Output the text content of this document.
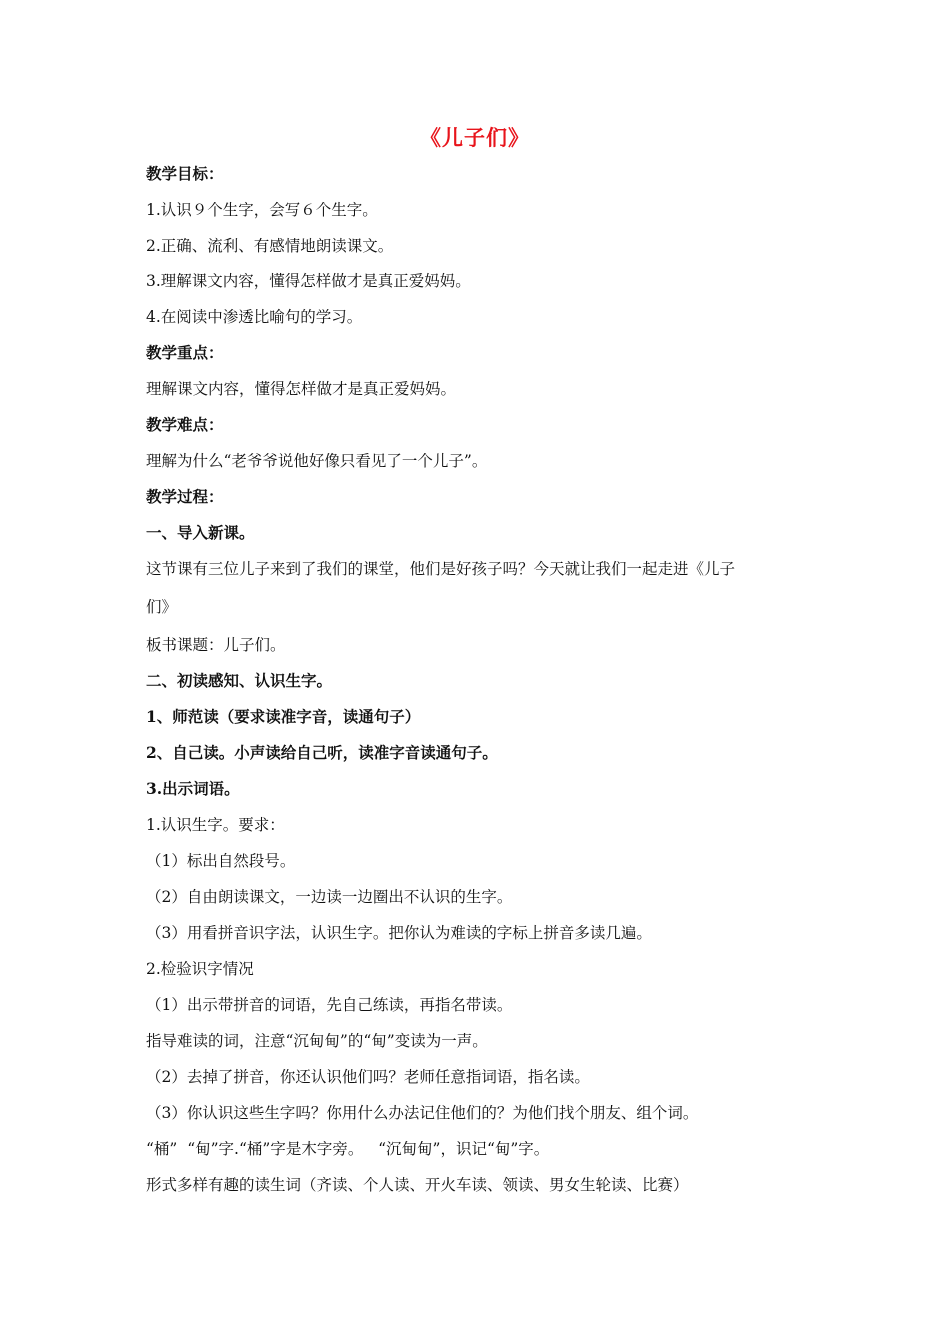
《儿子们》
教学目标：
1.认识９个生字，会写６个生字。
2.正确、流利、有感情地朗读课文。
3.理解课文内容，懂得怎样做才是真正爱妈妈。
4.在阅读中渗透比喻句的学习。
教学重点：
理解课文内容，懂得怎样做才是真正爱妈妈。
教学难点：
理解为什么“老爷爷说他好像只看见了一个儿子”。
教学过程：
一、导入新课。
这节课有三位儿子来到了我们的课堂，他们是好孩子吗？今天就让我们一起走进《儿子
们》
板书课题：儿子们。
二、初读感知、认识生字。
1、师范读（要求读准字音，读通句子）
2、自己读。小声读给自己听，读准字音读通句子。
3.出示词语。
1.认识生字。要求：
（1）标出自然段号。
（2）自由朗读课文，一边读一边圈出不认识的生字。
（3）用看拼音识字法，认识生字。把你认为难读的字标上拼音多读几遍。
2.检验识字情况
（1）出示带拼音的词语，先自己练读，再指名带读。
指导难读的词，注意“沉甸甸”的“甸”变读为一声。
（2）去掉了拼音，你还认识他们吗？老师任意指词语，指名读。
（3）你认识这些生字吗？你用什么办法记住他们的？为他们找个朋友、组个词。
“桶”  “甸”字.“桶”字是木字旁。   “沉甸甸”，识记“甸”字。
形式多样有趣的读生词（齐读、个人读、开火车读、领读、男女生轮读、比赛）
